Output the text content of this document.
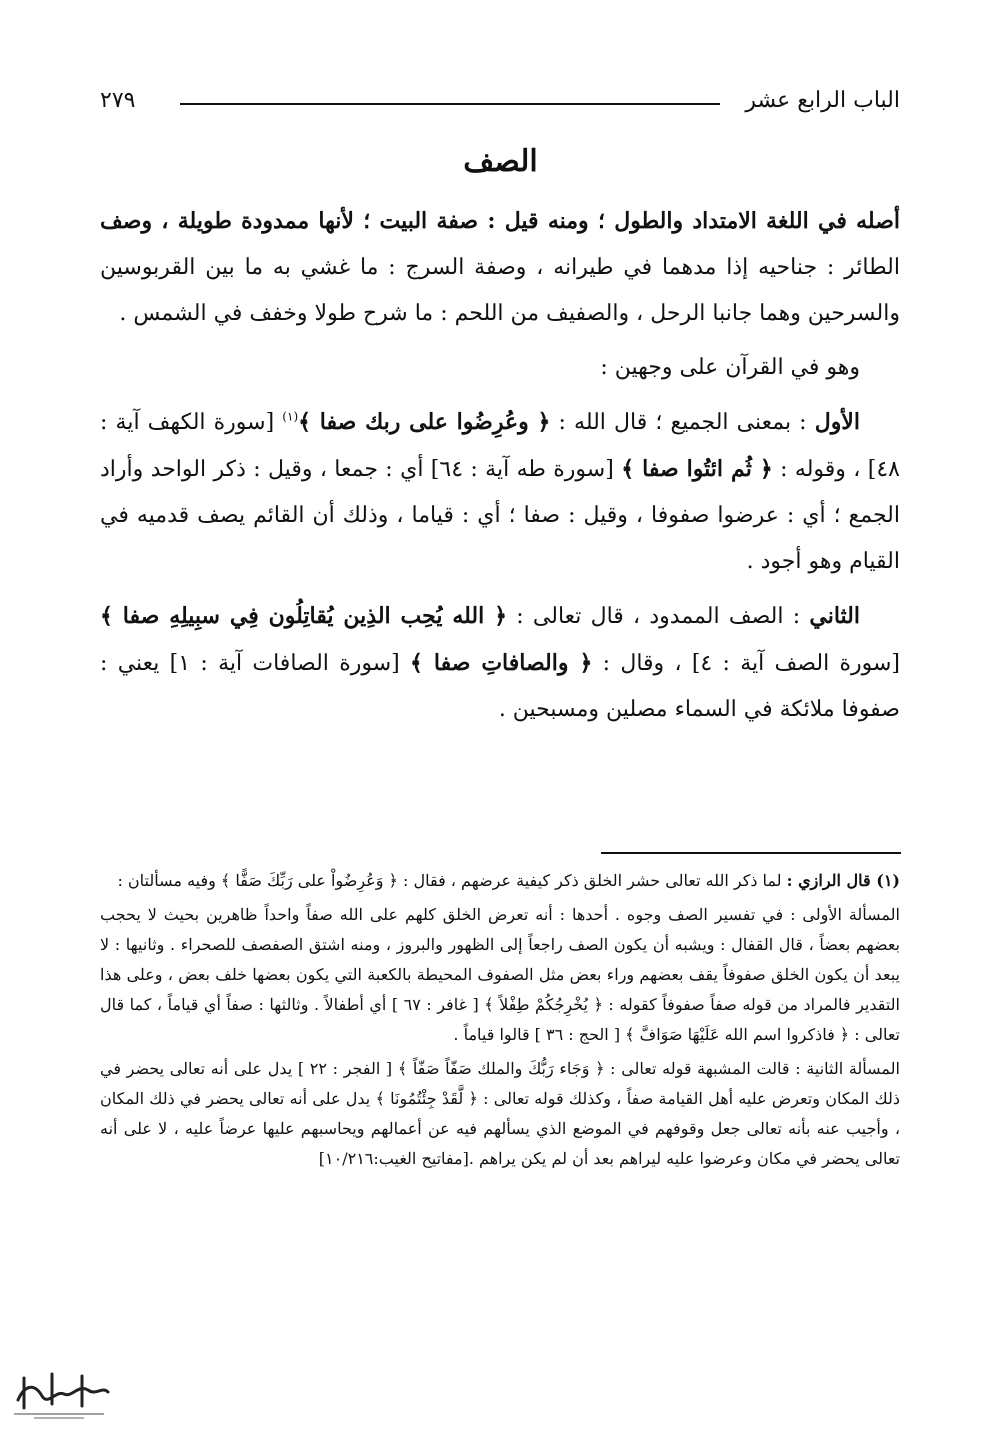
الباب الرابع عشر
٢٧٩
الصف

أصله في اللغة الامتداد والطول ؛ ومنه قيل : صفة البيت ؛ لأنها ممدودة طويلة ، وصف الطائر : جناحيه إذا مدهما في طيرانه ، وصفة السرج : ما غشي به ما بين القربوسين والسرحين وهما جانبا الرحل ، والصفيف من اللحم : ما شرح طولا وخفف في الشمس .

وهو في القرآن على وجهين :

الأول : بمعنى الجميع ؛ قال الله : ﴿ وعُرِضُوا على ربك صفا ﴾$^{(١)}$ [سورة الكهف آية : ٤٨] ، وقوله : ﴿ ثُم ائتُوا صفا ﴾ [سورة طه آية : ٦٤] أي : جمعا ، وقيل : ذكر الواحد وأراد الجمع ؛ أي : عرضوا صفوفا ، وقيل : صفا ؛ أي : قياما ، وذلك أن القائم يصف قدميه في القيام وهو أجود .

الثاني : الصف الممدود ، قال تعالى : ﴿ الله يُحِب الذِين يُقاتِلُون فِي سبِيلِهِ صفا ﴾ [سورة الصف آية : ٤] ، وقال : ﴿ والصافاتِ صفا ﴾ [سورة الصافات آية : ١] يعني : صفوفا ملائكة في السماء مصلين ومسبحين .

(١) قال الرازي : لما ذكر الله تعالى حشر الخلق ذكر كيفية عرضهم ، فقال : ﴿ وَعُرِضُواْ على رَبِّكَ صَفًّا ﴾ وفيه مسألتان :

المسألة الأولى : في تفسير الصف وجوه . أحدها : أنه تعرض الخلق كلهم على الله صفاً واحداً ظاهرين بحيث لا يحجب بعضهم بعضاً ، قال القفال : ويشبه أن يكون الصف راجعاً إلى الظهور والبروز ، ومنه اشتق الصفصف للصحراء . وثانيها : لا يبعد أن يكون الخلق صفوفاً يقف بعضهم وراء بعض مثل الصفوف المحيطة بالكعبة التي يكون بعضها خلف بعض ، وعلى هذا التقدير فالمراد من قوله صفاً صفوفاً كقوله : ﴿ يُخْرِجُكُمْ طِفْلاً ﴾ [ غافر : ٦٧ ] أي أطفالاً . وثالثها : صفاً أي قياماً ، كما قال تعالى : ﴿ فاذكروا اسم الله عَلَيْهَا صَوَافَّ ﴾ [ الحج : ٣٦ ] قالوا قياماً .

المسألة الثانية : قالت المشبهة قوله تعالى : ﴿ وَجَاء رَبُّكَ والملك صَفّاً صَفّاً ﴾ [ الفجر : ٢٢ ] يدل على أنه تعالى يحضر في ذلك المكان وتعرض عليه أهل القيامة صفاً ، وكذلك قوله تعالى : ﴿ لَّقَدْ جِئْتُمُونَا ﴾ يدل على أنه تعالى يحضر في ذلك المكان ، وأجيب عنه بأنه تعالى جعل وقوفهم في الموضع الذي يسألهم فيه عن أعمالهم ويحاسبهم عليها عرضاً عليه ، لا على أنه تعالى يحضر في مكان وعرضوا عليه ليراهم بعد أن لم يكن يراهم .[مفاتيح الغيب:١٠/٢١٦]
